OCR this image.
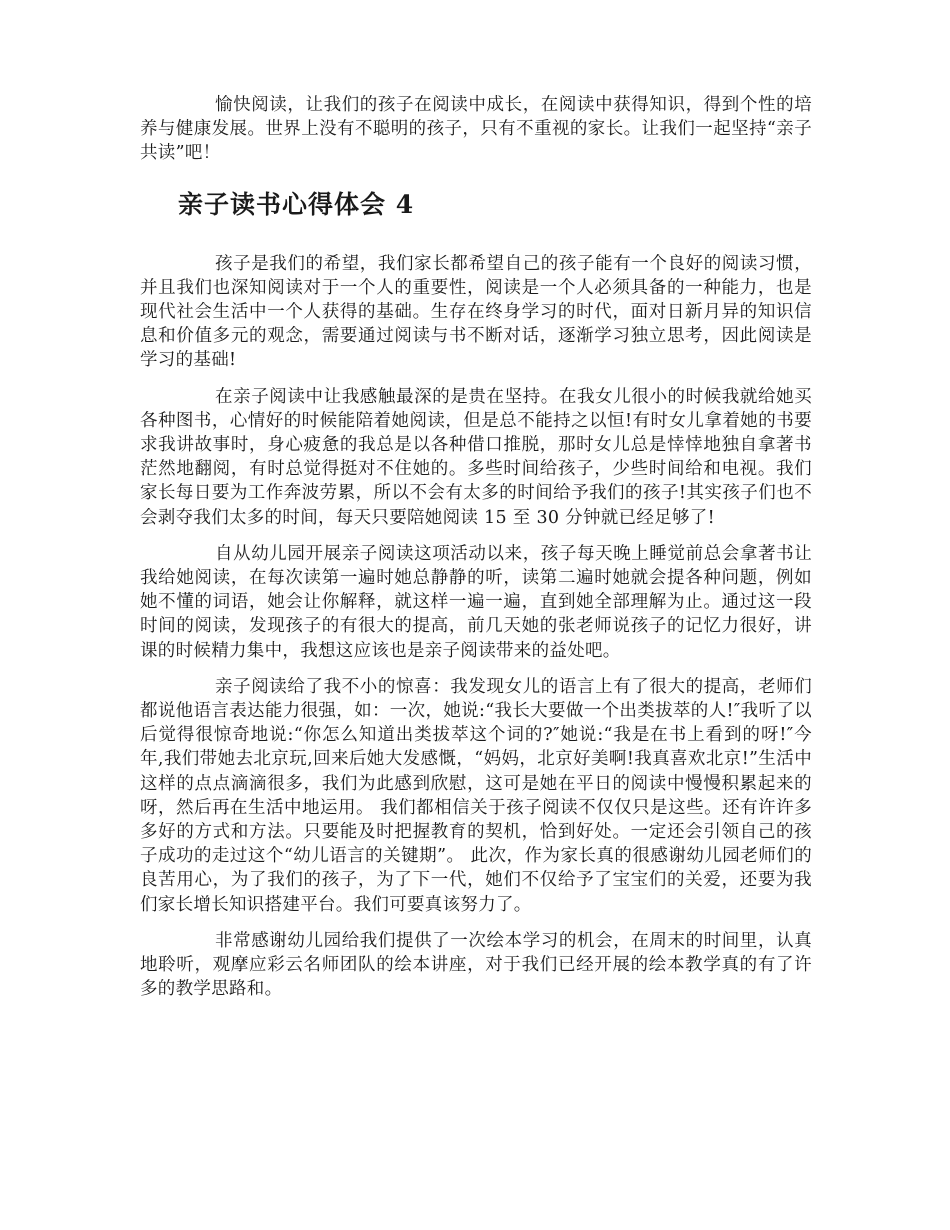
愉快阅读，让我们的孩子在阅读中成长，在阅读中获得知识，得到个性的培养与健康发展。世界上没有不聪明的孩子，只有不重视的家长。让我们一起坚持“亲子共读”吧！

亲子读书心得体会 4

孩子是我们的希望，我们家长都希望自己的孩子能有一个良好的阅读习惯，并且我们也深知阅读对于一个人的重要性，阅读是一个人必须具备的一种能力，也是现代社会生活中一个人获得的基础。生存在终身学习的时代，面对日新月异的知识信息和价值多元的观念，需要通过阅读与书不断对话，逐渐学习独立思考，因此阅读是学习的基础!

在亲子阅读中让我感触最深的是贵在坚持。在我女儿很小的时候我就给她买各种图书，心情好的时候能陪着她阅读，但是总不能持之以恒!有时女儿拿着她的书要求我讲故事时，身心疲惫的我总是以各种借口推脱，那时女儿总是悻悻地独自拿著书茫然地翻阅，有时总觉得挺对不住她的。多些时间给孩子，少些时间给和电视。我们家长每日要为工作奔波劳累，所以不会有太多的时间给予我们的孩子!其实孩子们也不会剥夺我们太多的时间，每天只要陪她阅读 15 至 30 分钟就已经足够了!

自从幼儿园开展亲子阅读这项活动以来，孩子每天晚上睡觉前总会拿著书让我给她阅读，在每次读第一遍时她总静静的听，读第二遍时她就会提各种问题，例如她不懂的词语，她会让你解释，就这样一遍一遍，直到她全部理解为止。通过这一段时间的阅读，发现孩子的有很大的提高，前几天她的张老师说孩子的记忆力很好，讲课的时候精力集中，我想这应该也是亲子阅读带来的益处吧。

亲子阅读给了我不小的惊喜：我发现女儿的语言上有了很大的提高，老师们都说他语言表达能力很强，如：一次，她说:“我长大要做一个出类拔萃的人!″我听了以后觉得很惊奇地说:“你怎么知道出类拔萃这个词的?″她说:“我是在书上看到的呀!″今年,我们带她去北京玩,回来后她大发感慨，“妈妈，北京好美啊!我真喜欢北京!”生活中这样的点点滴滴很多，我们为此感到欣慰，这可是她在平日的阅读中慢慢积累起来的呀，然后再在生活中地运用。 我们都相信关于孩子阅读不仅仅只是这些。还有许许多多好的方式和方法。只要能及时把握教育的契机，恰到好处。一定还会引领自己的孩子成功的走过这个“幼儿语言的关键期”。 此次，作为家长真的很感谢幼儿园老师们的良苦用心，为了我们的孩子，为了下一代，她们不仅给予了宝宝们的关爱，还要为我们家长增长知识搭建平台。我们可要真该努力了。

非常感谢幼儿园给我们提供了一次绘本学习的机会，在周末的时间里，认真地聆听，观摩应彩云名师团队的绘本讲座，对于我们已经开展的绘本教学真的有了许多的教学思路和。
